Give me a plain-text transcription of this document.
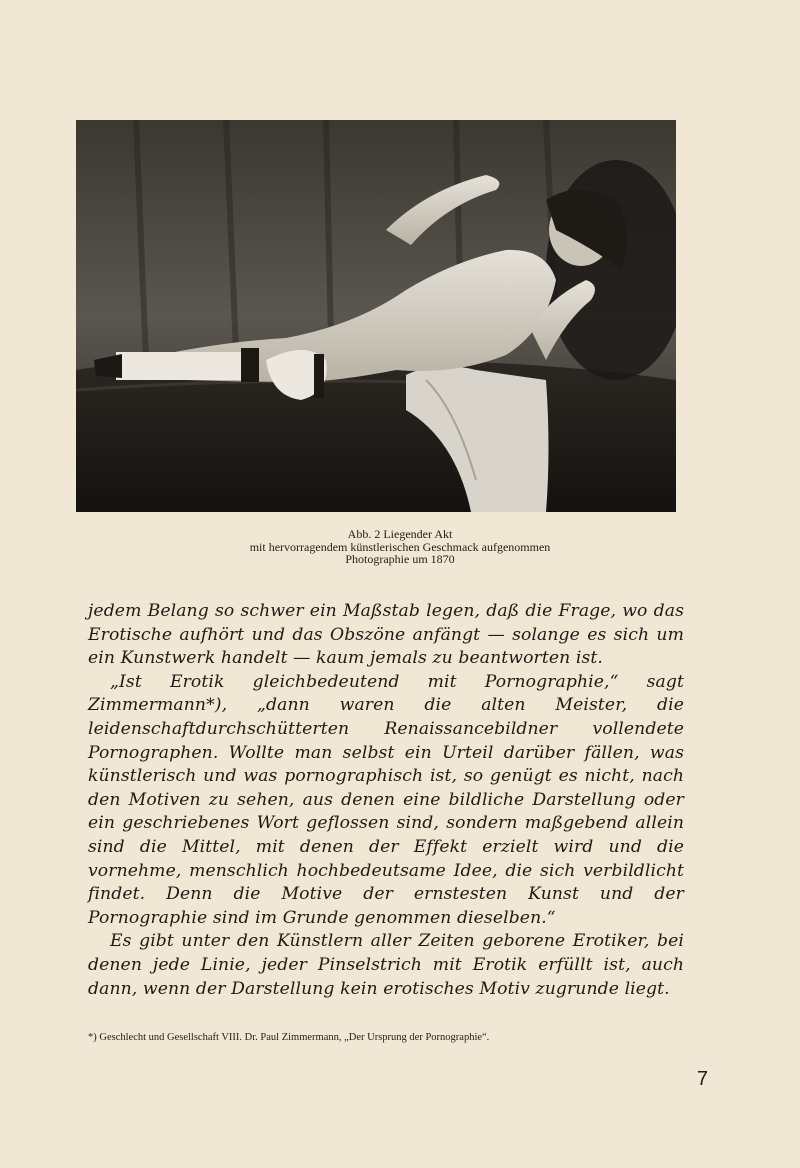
Abb. 2 Liegender Akt
mit hervorragendem künstlerischen Geschmack aufgenommen
Photographie um 1870

jedem Belang so schwer ein Maßstab legen, daß die Frage, wo das Erotische aufhört und das Obszöne anfängt — solange es sich um ein Kunstwerk handelt — kaum jemals zu beantworten ist.

„Ist Erotik gleichbedeutend mit Pornographie,“ sagt Zimmermann*), „dann waren die alten Meister, die leidenschaftdurchschütterten Renaissancebildner vollendete Pornographen. Wollte man selbst ein Urteil darüber fällen, was künstlerisch und was pornographisch ist, so genügt es nicht, nach den Motiven zu sehen, aus denen eine bildliche Darstellung oder ein geschriebenes Wort geflossen sind, sondern maßgebend allein sind die Mittel, mit denen der Effekt erzielt wird und die vornehme, menschlich hochbedeutsame Idee, die sich verbildlicht findet. Denn die Motive der ernstesten Kunst und der Pornographie sind im Grunde genommen dieselben.“

Es gibt unter den Künstlern aller Zeiten geborene Erotiker, bei denen jede Linie, jeder Pinselstrich mit Erotik erfüllt ist, auch dann, wenn der Darstellung kein erotisches Motiv zugrunde liegt.

*) Geschlecht und Gesellschaft VIII. Dr. Paul Zimmermann, „Der Ursprung der Pornographie“.
7
